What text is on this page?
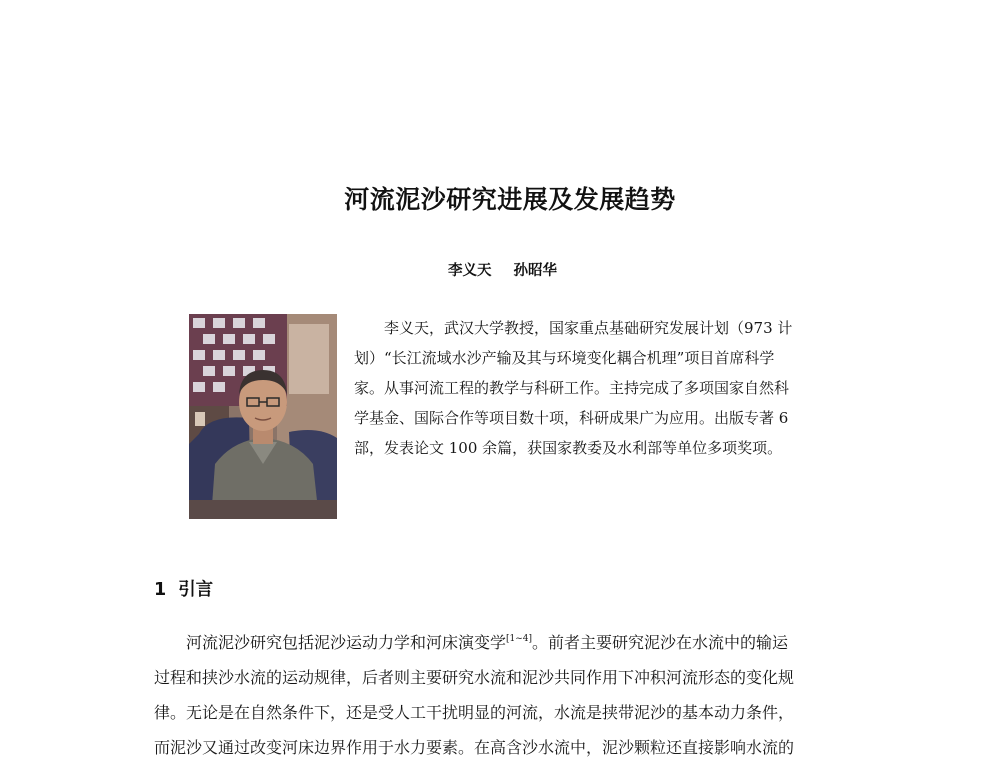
河流泥沙研究进展及发展趋势
李义天 孙昭华
李义天，武汉大学教授，国家重点基础研究发展计划（973 计
划）“长江流域水沙产输及其与环境变化耦合机理”项目首席科学
家。从事河流工程的教学与科研工作。主持完成了多项国家自然科
学基金、国际合作等项目数十项，科研成果广为应用。出版专著 6
部，发表论文 100 余篇，获国家教委及水利部等单位多项奖项。
1 引言
河流泥沙研究包括泥沙运动力学和河床演变学[1~4]。前者主要研究泥沙在水流中的输运
过程和挟沙水流的运动规律，后者则主要研究水流和泥沙共同作用下冲积河流形态的变化规
律。无论是在自然条件下，还是受人工干扰明显的河流，水流是挟带泥沙的基本动力条件，
而泥沙又通过改变河床边界作用于水力要素。在高含沙水流中，泥沙颗粒还直接影响水流的
